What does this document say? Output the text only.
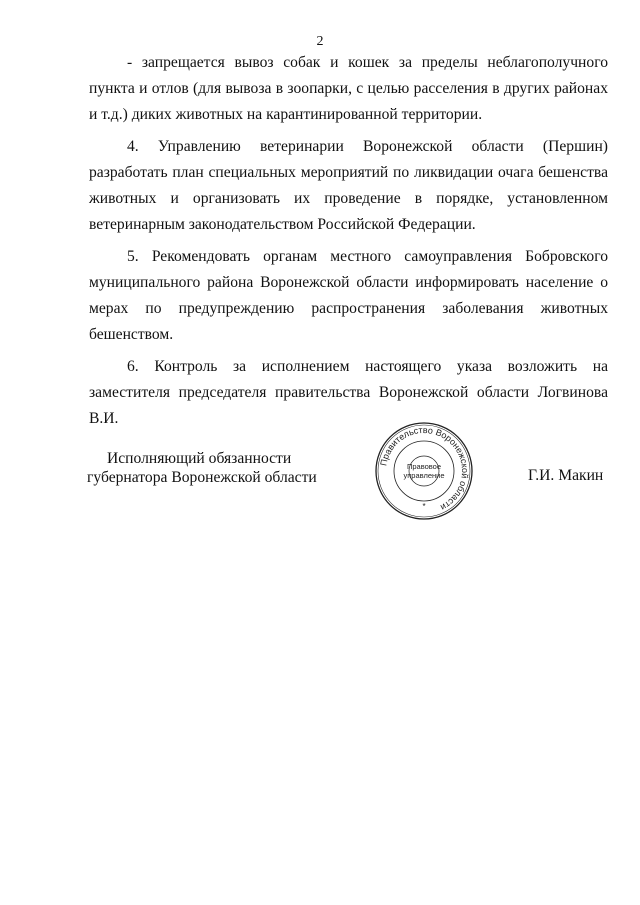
2

- запрещается вывоз собак и кошек за пределы неблагополучного пункта и отлов (для вывоза в зоопарки, с целью расселения в других районах и т.д.) диких животных на карантинированной территории.

4. Управлению ветеринарии Воронежской области (Першин) разработать план специальных мероприятий по ликвидации очага бешенства животных и организовать их проведение в порядке, установленном ветеринарным законодательством Российской Федерации.

5. Рекомендовать органам местного самоуправления Бобровского муниципального района Воронежской области информировать население о мерах по предупреждению распространения заболевания животных бешенством.

6. Контроль за исполнением настоящего указа возложить на заместителя председателя правительства Воронежской области Логвинова В.И.

Исполняющий обязанности
губернатора Воронежской области
Правительство Воронежской области
Правовое
управление
*
Г.И. Макин
